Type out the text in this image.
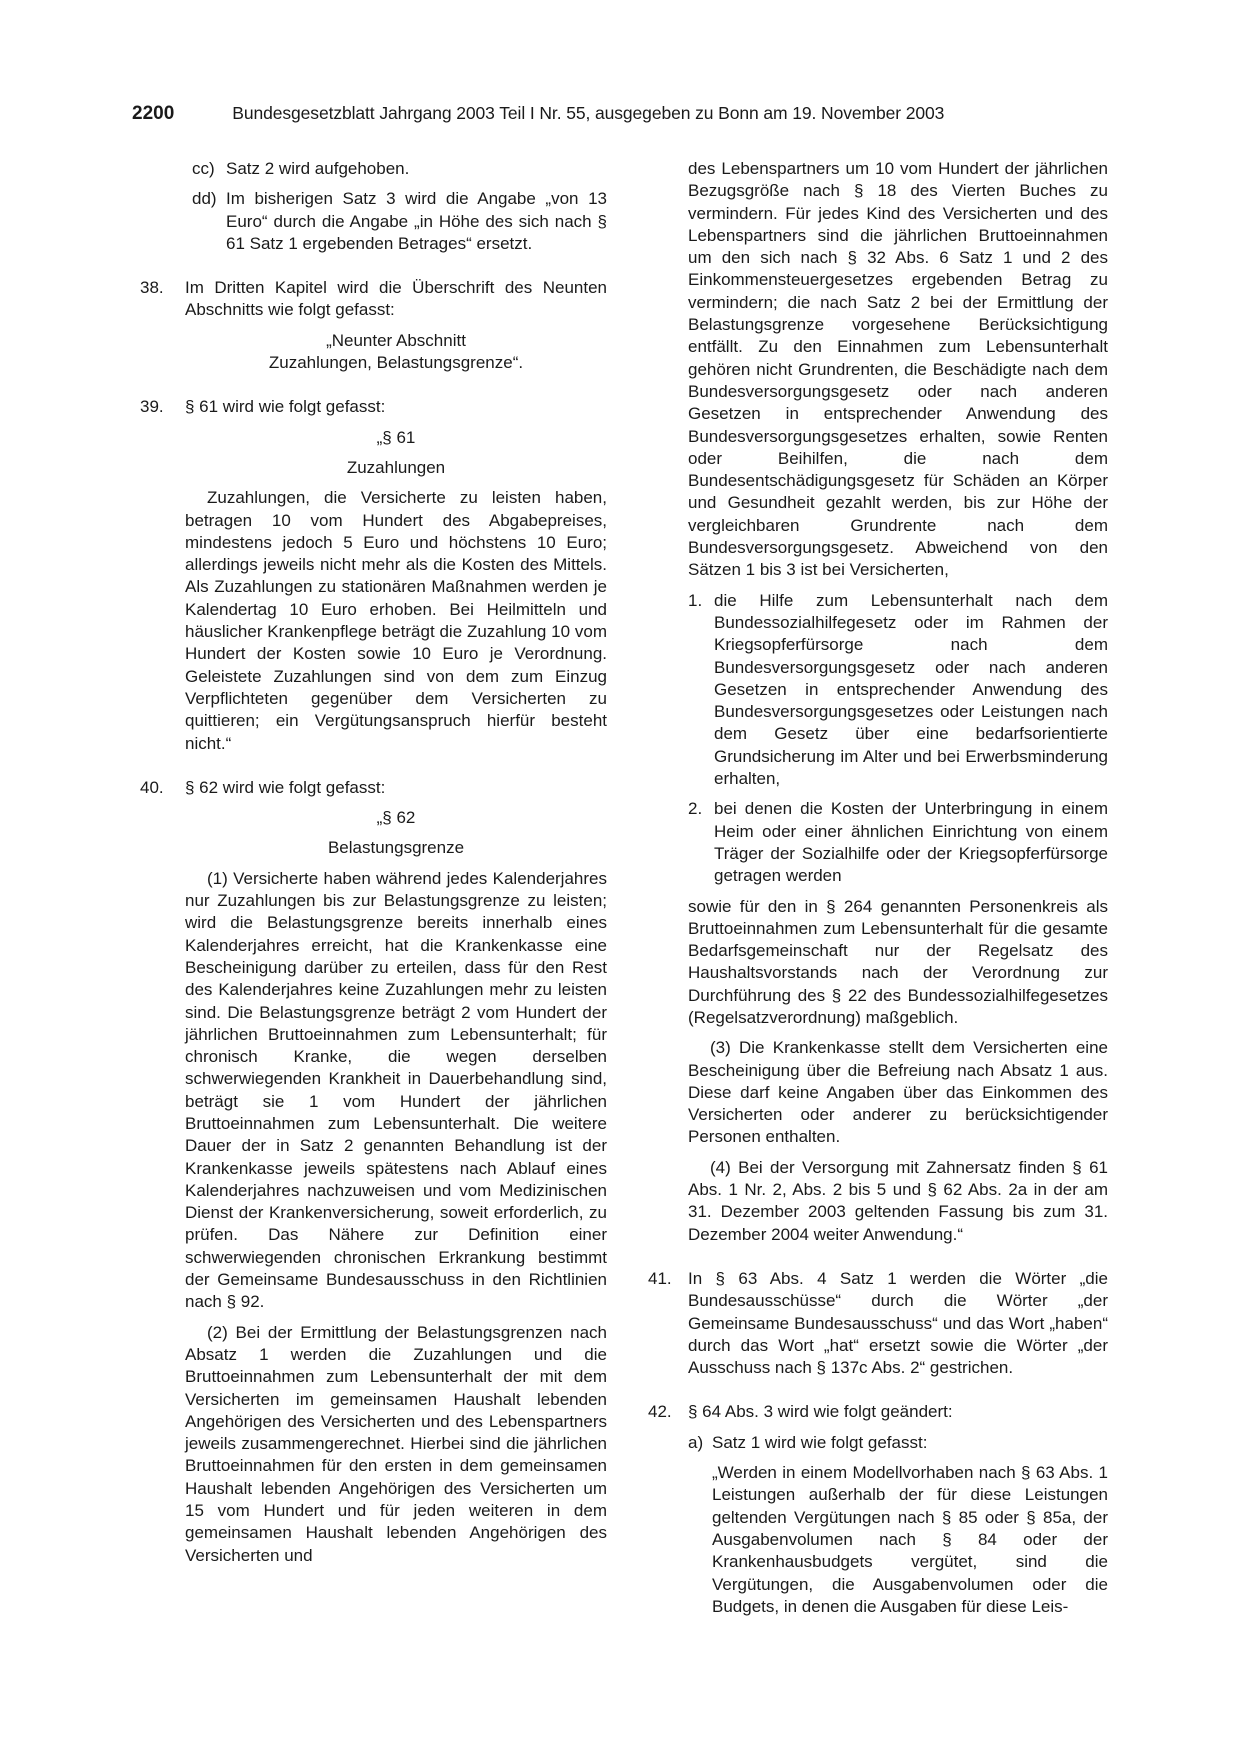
2200	Bundesgesetzblatt Jahrgang 2003 Teil I Nr. 55, ausgegeben zu Bonn am 19. November 2003
cc) Satz 2 wird aufgehoben.
dd) Im bisherigen Satz 3 wird die Angabe „von 13 Euro“ durch die Angabe „in Höhe des sich nach § 61 Satz 1 ergebenden Betrages“ ersetzt.
38.	Im Dritten Kapitel wird die Überschrift des Neunten Abschnitts wie folgt gefasst:
„Neunter Abschnitt
Zuzahlungen, Belastungsgrenze“.
39.	§ 61 wird wie folgt gefasst:
„§ 61
Zuzahlungen

Zuzahlungen, die Versicherte zu leisten haben, betragen 10 vom Hundert des Abgabepreises, mindestens jedoch 5 Euro und höchstens 10 Euro; allerdings jeweils nicht mehr als die Kosten des Mittels. Als Zuzahlungen zu stationären Maßnahmen werden je Kalendertag 10 Euro erhoben. Bei Heilmitteln und häuslicher Krankenpflege beträgt die Zuzahlung 10 vom Hundert der Kosten sowie 10 Euro je Verordnung. Geleistete Zuzahlungen sind von dem zum Einzug Verpflichteten gegenüber dem Versicherten zu quittieren; ein Vergütungsanspruch hierfür besteht nicht.“

40.	§ 62 wird wie folgt gefasst:
„§ 62
Belastungsgrenze

(1) Versicherte haben während jedes Kalenderjahres nur Zuzahlungen bis zur Belastungsgrenze zu leisten; wird die Belastungsgrenze bereits innerhalb eines Kalenderjahres erreicht, hat die Krankenkasse eine Bescheinigung darüber zu erteilen, dass für den Rest des Kalenderjahres keine Zuzahlungen mehr zu leisten sind. Die Belastungsgrenze beträgt 2 vom Hundert der jährlichen Bruttoeinnahmen zum Lebensunterhalt; für chronisch Kranke, die wegen derselben schwerwiegenden Krankheit in Dauerbehandlung sind, beträgt sie 1 vom Hundert der jährlichen Bruttoeinnahmen zum Lebensunterhalt. Die weitere Dauer der in Satz 2 genannten Behandlung ist der Krankenkasse jeweils spätestens nach Ablauf eines Kalenderjahres nachzuweisen und vom Medizinischen Dienst der Krankenversicherung, soweit erforderlich, zu prüfen. Das Nähere zur Definition einer schwerwiegenden chronischen Erkrankung bestimmt der Gemeinsame Bundesausschuss in den Richtlinien nach § 92.

(2) Bei der Ermittlung der Belastungsgrenzen nach Absatz 1 werden die Zuzahlungen und die Bruttoeinnahmen zum Lebensunterhalt der mit dem Versicherten im gemeinsamen Haushalt lebenden Angehörigen des Versicherten und des Lebenspartners jeweils zusammengerechnet. Hierbei sind die jährlichen Bruttoeinnahmen für den ersten in dem gemeinsamen Haushalt lebenden Angehörigen des Versicherten um 15 vom Hundert und für jeden weiteren in dem gemeinsamen Haushalt lebenden Angehörigen des Versicherten und

des Lebenspartners um 10 vom Hundert der jährlichen Bezugsgröße nach § 18 des Vierten Buches zu vermindern. Für jedes Kind des Versicherten und des Lebenspartners sind die jährlichen Bruttoeinnahmen um den sich nach § 32 Abs. 6 Satz 1 und 2 des Einkommensteuergesetzes ergebenden Betrag zu vermindern; die nach Satz 2 bei der Ermittlung der Belastungsgrenze vorgesehene Berücksichtigung entfällt. Zu den Einnahmen zum Lebensunterhalt gehören nicht Grundrenten, die Beschädigte nach dem Bundesversorgungsgesetz oder nach anderen Gesetzen in entsprechender Anwendung des Bundesversorgungsgesetzes erhalten, sowie Renten oder Beihilfen, die nach dem Bundesentschädigungsgesetz für Schäden an Körper und Gesundheit gezahlt werden, bis zur Höhe der vergleichbaren Grundrente nach dem Bundesversorgungsgesetz. Abweichend von den Sätzen 1 bis 3 ist bei Versicherten,

1. die Hilfe zum Lebensunterhalt nach dem Bundessozialhilfegesetz oder im Rahmen der Kriegsopferfürsorge nach dem Bundesversorgungsgesetz oder nach anderen Gesetzen in entsprechender Anwendung des Bundesversorgungsgesetzes oder Leistungen nach dem Gesetz über eine bedarfsorientierte Grundsicherung im Alter und bei Erwerbsminderung erhalten,
2. bei denen die Kosten der Unterbringung in einem Heim oder einer ähnlichen Einrichtung von einem Träger der Sozialhilfe oder der Kriegsopferfürsorge getragen werden

sowie für den in § 264 genannten Personenkreis als Bruttoeinnahmen zum Lebensunterhalt für die gesamte Bedarfsgemeinschaft nur der Regelsatz des Haushaltsvorstands nach der Verordnung zur Durchführung des § 22 des Bundessozialhilfegesetzes (Regelsatzverordnung) maßgeblich.

(3) Die Krankenkasse stellt dem Versicherten eine Bescheinigung über die Befreiung nach Absatz 1 aus. Diese darf keine Angaben über das Einkommen des Versicherten oder anderer zu berücksichtigender Personen enthalten.

(4) Bei der Versorgung mit Zahnersatz finden § 61 Abs. 1 Nr. 2, Abs. 2 bis 5 und § 62 Abs. 2a in der am 31. Dezember 2003 geltenden Fassung bis zum 31. Dezember 2004 weiter Anwendung.“

41. In § 63 Abs. 4 Satz 1 werden die Wörter „die Bundesausschüsse“ durch die Wörter „der Gemeinsame Bundesausschuss“ und das Wort „haben“ durch das Wort „hat“ ersetzt sowie die Wörter „der Ausschuss nach § 137c Abs. 2“ gestrichen.
42. § 64 Abs. 3 wird wie folgt geändert:
a) Satz 1 wird wie folgt gefasst:

„Werden in einem Modellvorhaben nach § 63 Abs. 1 Leistungen außerhalb der für diese Leistungen geltenden Vergütungen nach § 85 oder § 85a, der Ausgabenvolumen nach § 84 oder der Krankenhausbudgets vergütet, sind die Vergütungen, die Ausgabenvolumen oder die Budgets, in denen die Ausgaben für diese Leis-
